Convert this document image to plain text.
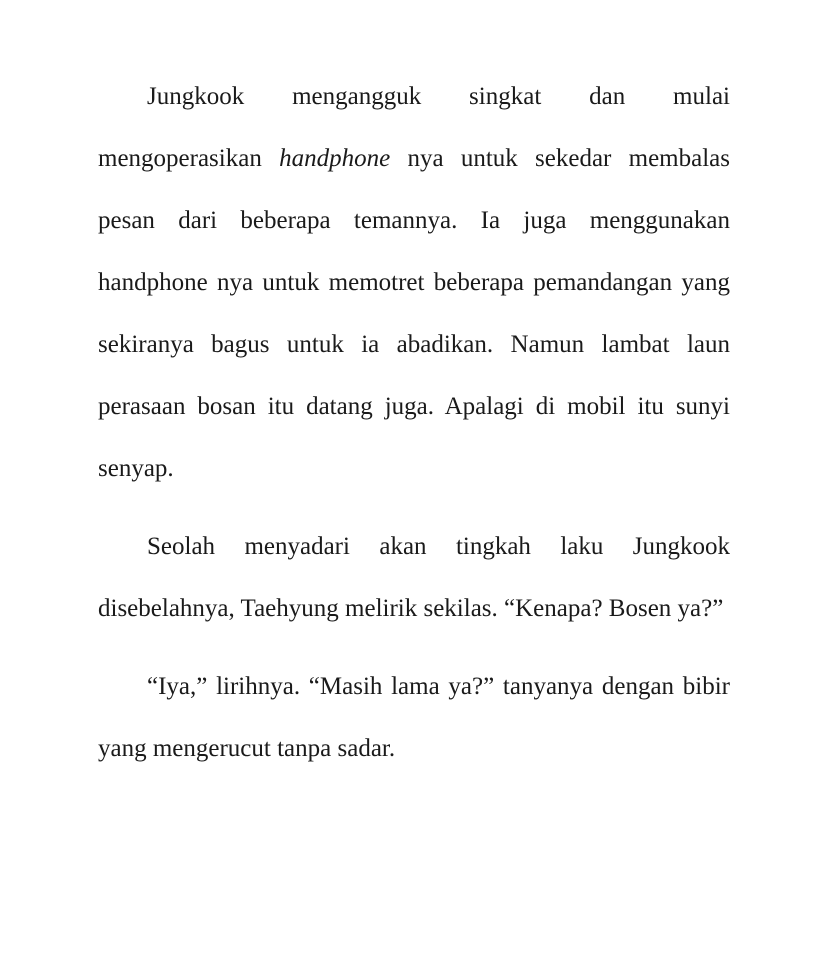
Jungkook mengangguk singkat dan mulai mengoperasikan handphone nya untuk sekedar membalas pesan dari beberapa temannya. Ia juga menggunakan handphone nya untuk memotret beberapa pemandangan yang sekiranya bagus untuk ia abadikan. Namun lambat laun perasaan bosan itu datang juga. Apalagi di mobil itu sunyi senyap.

Seolah menyadari akan tingkah laku Jungkook disebelahnya, Taehyung melirik sekilas. “Kenapa? Bosen ya?”

“Iya,” lirihnya. “Masih lama ya?” tanyanya dengan bibir yang mengerucut tanpa sadar.
